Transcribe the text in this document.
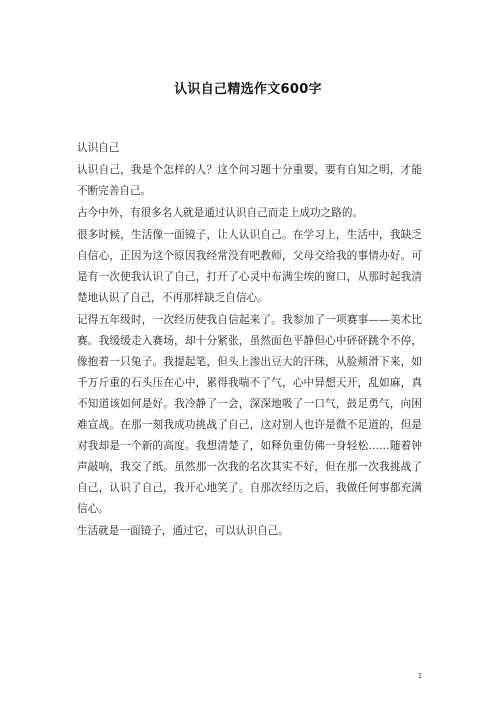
认识自己精选作文600字

认识自己

认识自己，我是个怎样的人？这个问习题十分重要，要有自知之明，才能不断完善自己。

古今中外，有很多名人就是通过认识自己而走上成功之路的。

很多时候，生活像一面镜子，让人认识自己。在学习上，生活中，我缺乏自信心，正因为这个原因我经常没有吧教师，父母交给我的事情办好。可是有一次使我认识了自己，打开了心灵中布满尘埃的窗口，从那时起我清楚地认识了自己，不再那样缺乏自信心。

记得五年级时，一次经历使我自信起来了。我参加了一项赛事——美术比赛。我缓缓走入赛场，却十分紧张，虽然面色平静但心中砰砰跳个不停，像抱着一只兔子。我提起笔，但头上渗出豆大的汗珠，从脸颊滑下来，如千万斤重的石头压在心中，累得我喘不了气，心中异想天开，乱如麻，真不知道该如何是好。我冷静了一会，深深地吸了一口气，鼓足勇气，向困难宣战。在那一刻我成功挑战了自己，这对别人也许是微不足道的，但是对我却是一个新的高度。我想清楚了，如释负重仿佛一身轻松……随着钟声敲响，我交了纸。虽然那一次我的名次其实不好，但在那一次我挑战了自己，认识了自己，我开心地笑了。自那次经历之后，我做任何事都充满信心。

生活就是一面镜子，通过它，可以认识自己。

1
